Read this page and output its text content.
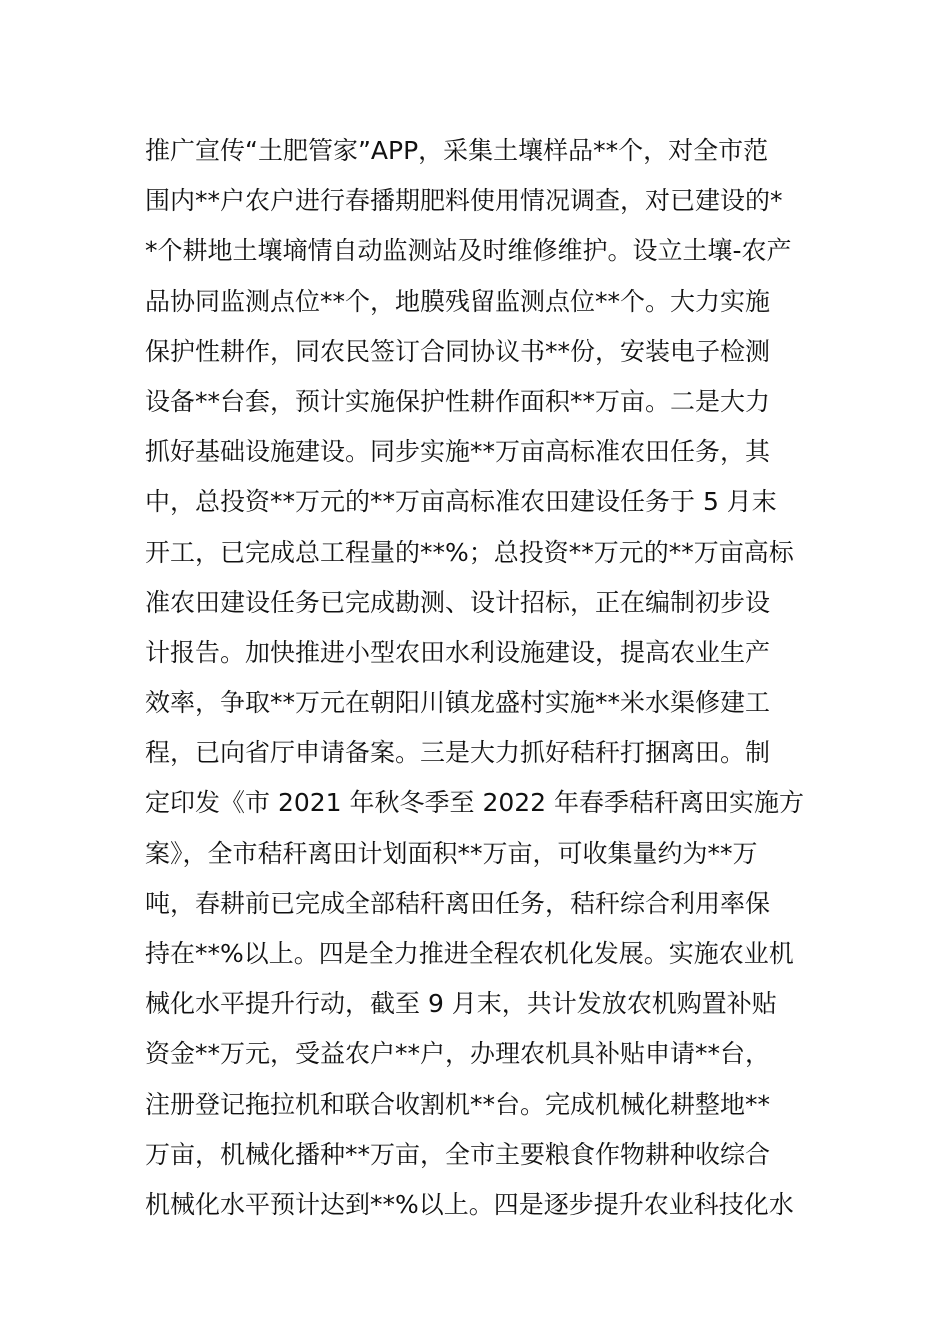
推广宣传“土肥管家”APP，采集土壤样品**个，对全市范
围内**户农户进行春播期肥料使用情况调查，对已建设的*
*个耕地土壤墒情自动监测站及时维修维护。设立土壤-农产
品协同监测点位**个，地膜残留监测点位**个。大力实施
保护性耕作，同农民签订合同协议书**份，安装电子检测
设备**台套，预计实施保护性耕作面积**万亩。二是大力
抓好基础设施建设。同步实施**万亩高标准农田任务，其
中，总投资**万元的**万亩高标准农田建设任务于 5 月末
开工，已完成总工程量的**%；总投资**万元的**万亩高标
准农田建设任务已完成勘测、设计招标，正在编制初步设
计报告。加快推进小型农田水利设施建设，提高农业生产
效率，争取**万元在朝阳川镇龙盛村实施**米水渠修建工
程，已向省厅申请备案。三是大力抓好秸秆打捆离田。制
定印发《市 2021 年秋冬季至 2022 年春季秸秆离田实施方
案》，全市秸秆离田计划面积**万亩，可收集量约为**万
吨，春耕前已完成全部秸秆离田任务，秸秆综合利用率保
持在**%以上。四是全力推进全程农机化发展。实施农业机
械化水平提升行动，截至 9 月末，共计发放农机购置补贴
资金**万元，受益农户**户，办理农机具补贴申请**台，
注册登记拖拉机和联合收割机**台。完成机械化耕整地**
万亩，机械化播种**万亩，全市主要粮食作物耕种收综合
机械化水平预计达到**%以上。四是逐步提升农业科技化水
